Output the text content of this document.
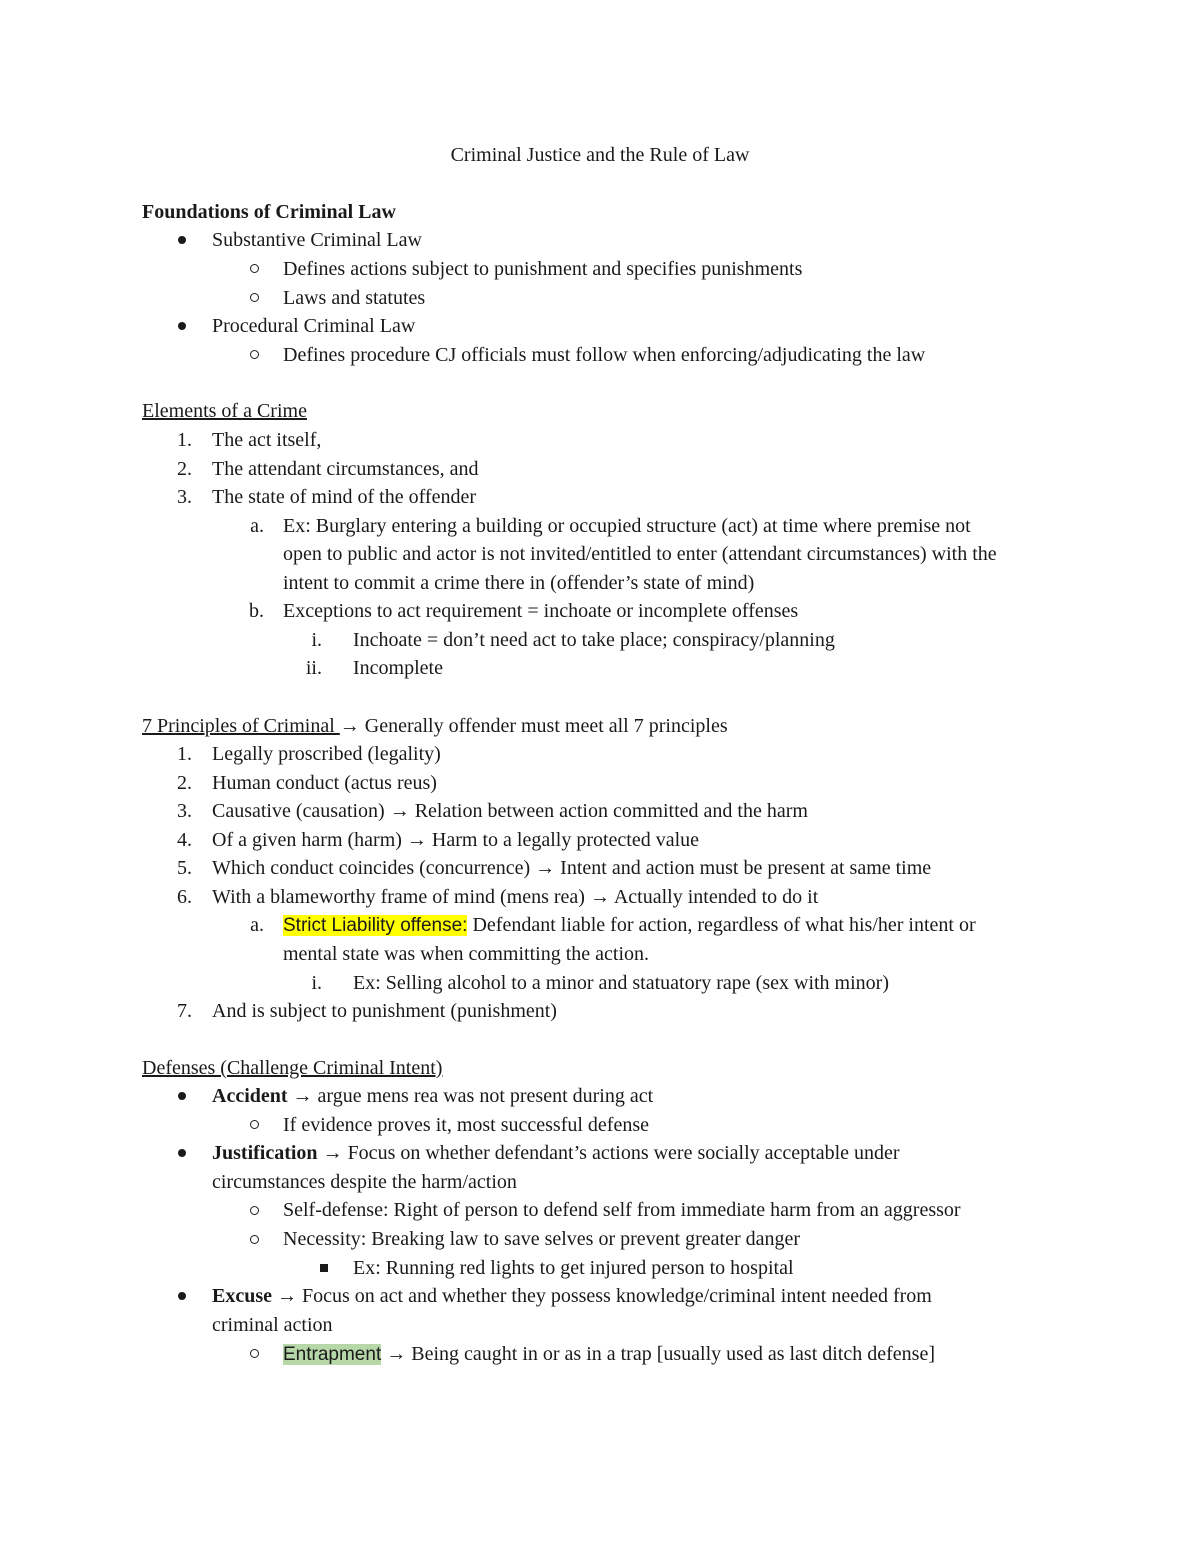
Criminal Justice and the Rule of Law
Foundations of Criminal Law
Substantive Criminal Law
Defines actions subject to punishment and specifies punishments
Laws and statutes
Procedural Criminal Law
Defines procedure CJ officials must follow when enforcing/adjudicating the law
Elements of a Crime
1. The act itself,
2. The attendant circumstances, and
3. The state of mind of the offender
a. Ex: Burglary entering a building or occupied structure (act) at time where premise not
open to public and actor is not invited/entitled to enter (attendant circumstances) with the
intent to commit a crime there in (offender’s state of mind)
b. Exceptions to act requirement = inchoate or incomplete offenses
i. Inchoate = don’t need act to take place; conspiracy/planning
ii. Incomplete
7 Principles of Criminal → Generally offender must meet all 7 principles
1. Legally proscribed (legality)
2. Human conduct (actus reus)
3. Causative (causation) → Relation between action committed and the harm
4. Of a given harm (harm) → Harm to a legally protected value
5. Which conduct coincides (concurrence) → Intent and action must be present at same time
6. With a blameworthy frame of mind (mens rea) → Actually intended to do it
a. Strict Liability offense: Defendant liable for action, regardless of what his/her intent or
mental state was when committing the action.
i. Ex: Selling alcohol to a minor and statuatory rape (sex with minor)
7. And is subject to punishment (punishment)
Defenses (Challenge Criminal Intent)
Accident → argue mens rea was not present during act
If evidence proves it, most successful defense
Justification → Focus on whether defendant’s actions were socially acceptable under
circumstances despite the harm/action
Self-defense: Right of person to defend self from immediate harm from an aggressor
Necessity: Breaking law to save selves or prevent greater danger
Ex: Running red lights to get injured person to hospital
Excuse → Focus on act and whether they possess knowledge/criminal intent needed from
criminal action
Entrapment → Being caught in or as in a trap [usually used as last ditch defense]
